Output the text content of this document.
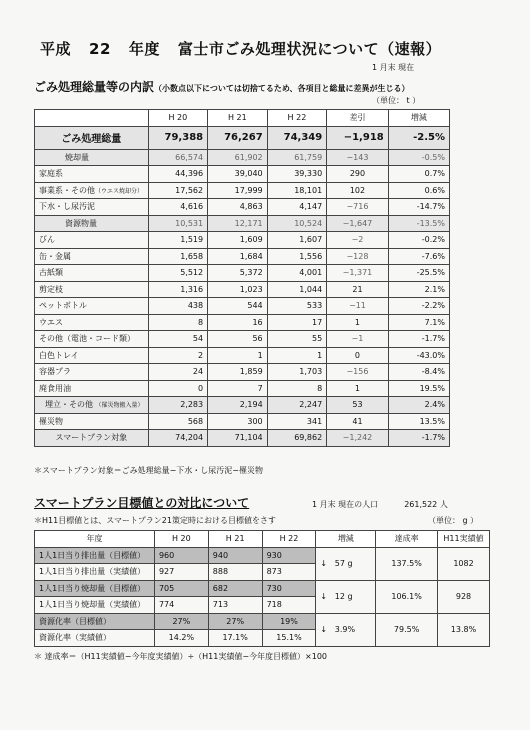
平成 22 年度 富士市ごみ処理状況について（速報）
1 月末 現在
ごみ処理総量等の内訳（小数点以下については切捨てるため、各項目と総量に差異が生じる）
（単位： t ）
	H 20	H 21	H 22	差引	増減
ごみ処理総量	79,388	76,267	74,349	−1,918	-2.5%
焼却量	66,574	61,902	61,759	−143	-0.5%
家庭系	44,396	39,040	39,330	290	0.7%
事業系・その他（ウエス焼却分）	17,562	17,999	18,101	102	0.6%
下水・し尿汚泥	4,616	4,863	4,147	−716	-14.7%
資源物量	10,531	12,171	10,524	−1,647	-13.5%
びん	1,519	1,609	1,607	−2	-0.2%
缶・金属	1,658	1,684	1,556	−128	-7.6%
古紙類	5,512	5,372	4,001	−1,371	-25.5%
剪定枝	1,316	1,023	1,044	21	2.1%
ペットボトル	438	544	533	−11	-2.2%
ウエス	8	16	17	1	7.1%
その他（電池・コード類）	54	56	55	−1	-1.7%
白色トレイ	2	1	1	0	-43.0%
容器プラ	24	1,859	1,703	−156	-8.4%
廃食用油	0	7	8	1	19.5%
埋立・その他 （罹災物搬入量）	2,283	2,194	2,247	53	2.4%
罹災物	568	300	341	41	13.5%
スマートプラン対象	74,204	71,104	69,862	−1,242	-1.7%
＊スマートプラン対象＝ごみ処理総量−下水・し尿汚泥−罹災物
スマートプラン目標値との対比について	1 月末 現在の人口	261,522 人
＊H11目標値とは、スマートプラン21策定時における目標値をさす	（単位： g ）
年度	H 20	H 21	H 22	増減	達成率	H11実績値
1人1日当り排出量（目標値）	960	940	930	↓ 57 g	137.5%	1082
1人1日当り排出量（実績値）	927	888	873			
1人1日当り焼却量（目標値）	705	682	730	↓ 12 g	106.1%	928
1人1日当り焼却量（実績値）	774	713	718			
資源化率（目標値）	27%	27%	19%	↓ 3.9%	79.5%	13.8%
資源化率（実績値）	14.2%	17.1%	15.1%			
＊ 達成率＝（H11実績値−今年度実績値）÷（H11実績値−今年度目標値）×100
